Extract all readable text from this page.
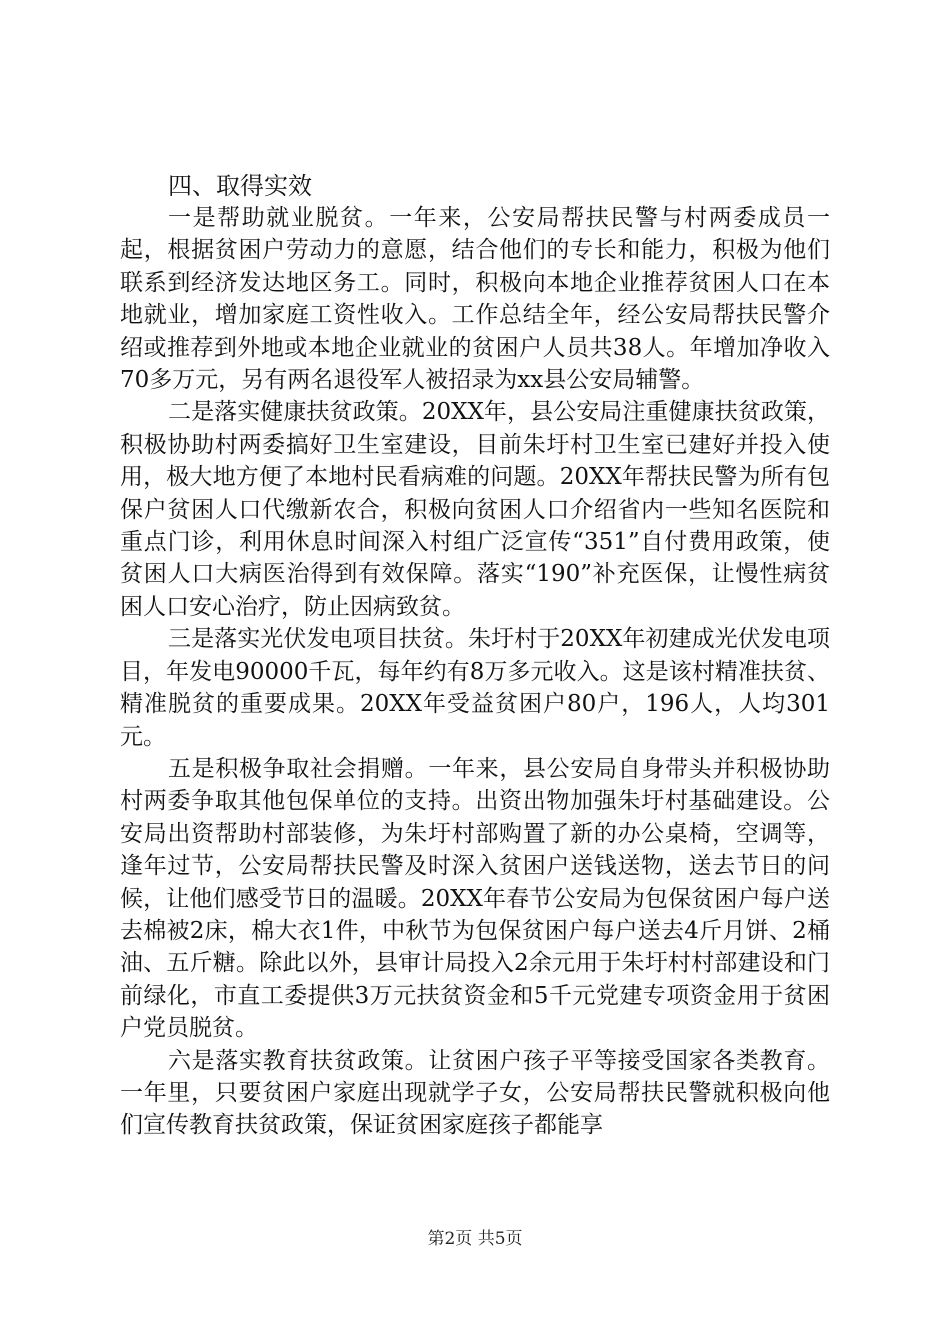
四、取得实效

一是帮助就业脱贫。一年来，公安局帮扶民警与村两委成员一起，根据贫困户劳动力的意愿，结合他们的专长和能力，积极为他们联系到经济发达地区务工。同时，积极向本地企业推荐贫困人口在本地就业，增加家庭工资性收入。工作总结全年，经公安局帮扶民警介绍或推荐到外地或本地企业就业的贫困户人员共38人。年增加净收入70多万元，另有两名退役军人被招录为xx县公安局辅警。

二是落实健康扶贫政策。20XX年，县公安局注重健康扶贫政策，积极协助村两委搞好卫生室建设，目前朱圩村卫生室已建好并投入使用，极大地方便了本地村民看病难的问题。20XX年帮扶民警为所有包保户贫困人口代缴新农合，积极向贫困人口介绍省内一些知名医院和重点门诊，利用休息时间深入村组广泛宣传“351”自付费用政策，使贫困人口大病医治得到有效保障。落实“190”补充医保，让慢性病贫困人口安心治疗，防止因病致贫。

三是落实光伏发电项目扶贫。朱圩村于20XX年初建成光伏发电项目，年发电90000千瓦，每年约有8万多元收入。这是该村精准扶贫、精准脱贫的重要成果。20XX年受益贫困户80户，196人，人均301元。

五是积极争取社会捐赠。一年来，县公安局自身带头并积极协助村两委争取其他包保单位的支持。出资出物加强朱圩村基础建设。公安局出资帮助村部装修，为朱圩村部购置了新的办公桌椅，空调等，逢年过节，公安局帮扶民警及时深入贫困户送钱送物，送去节日的问候，让他们感受节日的温暖。20XX年春节公安局为包保贫困户每户送去棉被2床，棉大衣1件，中秋节为包保贫困户每户送去4斤月饼、2桶油、五斤糖。除此以外，县审计局投入2余元用于朱圩村村部建设和门前绿化，市直工委提供3万元扶贫资金和5千元党建专项资金用于贫困户党员脱贫。

六是落实教育扶贫政策。让贫困户孩子平等接受国家各类教育。一年里，只要贫困户家庭出现就学子女，公安局帮扶民警就积极向他们宣传教育扶贫政策，保证贫困家庭孩子都能享

第2页 共5页
